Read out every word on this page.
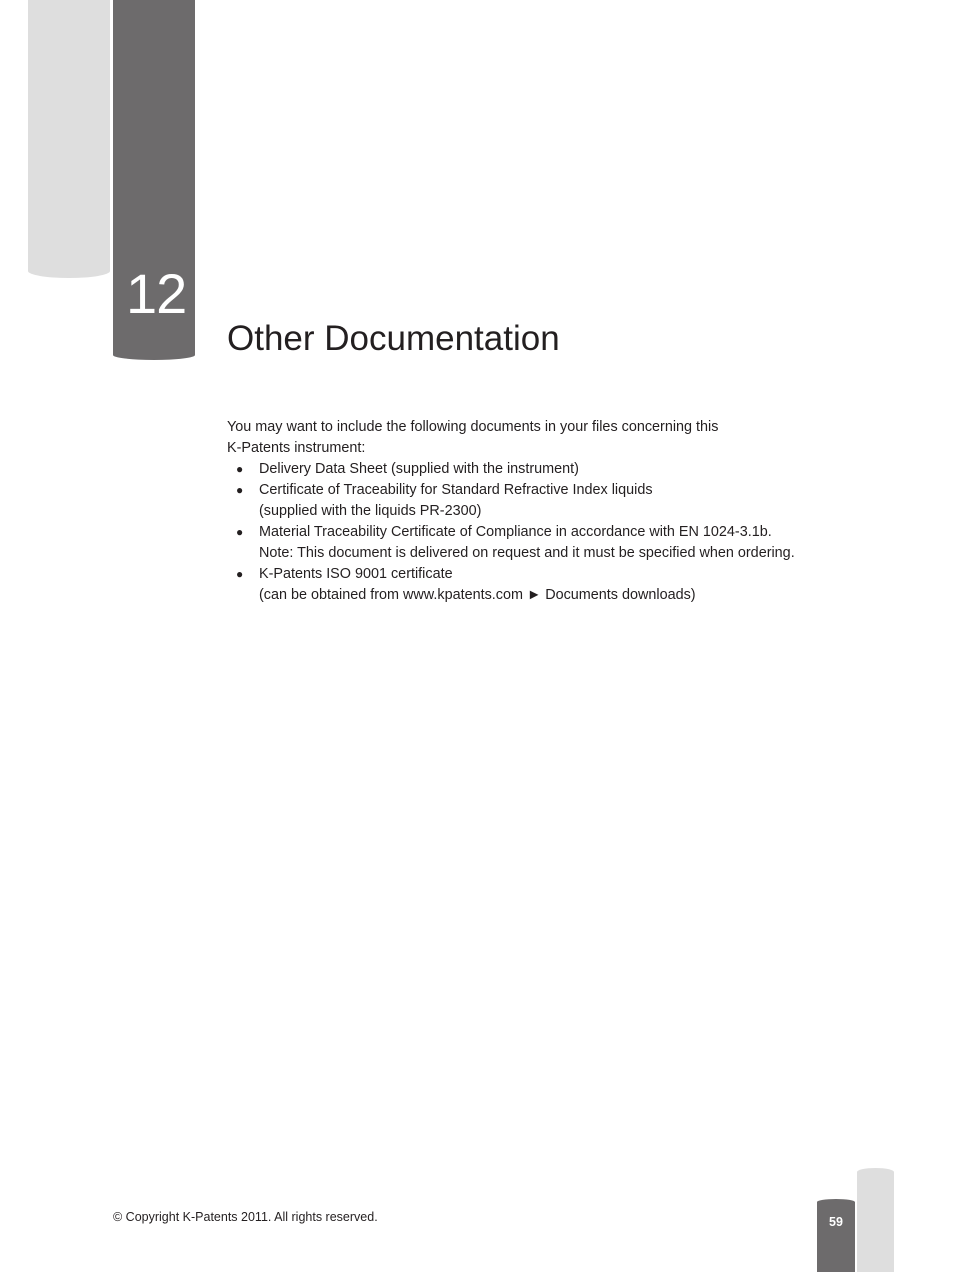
12
Other Documentation

You may want to include the following documents in your files concerning this
K-Patents instrument:

● Delivery Data Sheet (supplied with the instrument)
● Certificate of Traceability for Standard Refractive Index liquids
(supplied with the liquids PR-2300)
● Material Traceability Certificate of Compliance in accordance with EN 1024-3.1b.
Note: This document is delivered on request and it must be specified when ordering.
● K-Patents ISO 9001 certificate
(can be obtained from www.kpatents.com ► Documents downloads)
© Copyright K-Patents 2011. All rights reserved.	59
